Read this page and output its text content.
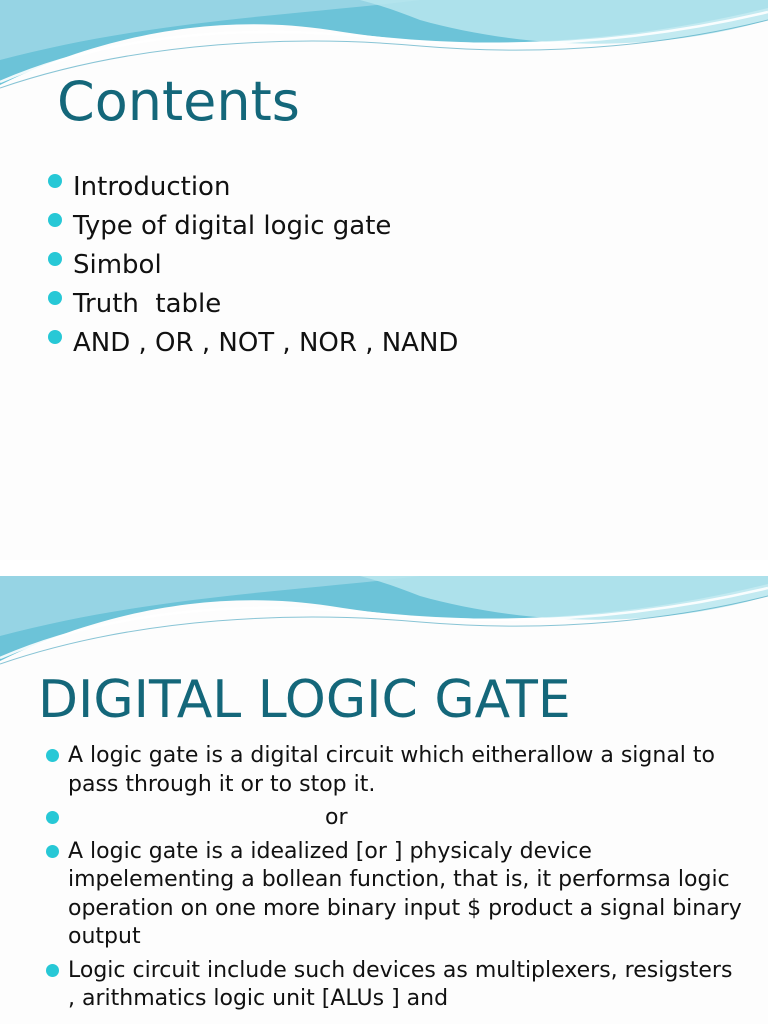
Contents
Introduction
Type of digital logic gate
Simbol
Truth  table
AND , OR , NOT , NOR , NAND
DIGITAL LOGIC GATE
A logic gate is a digital circuit which eitherallow a signal to pass through it or to stop it.
or
A logic gate is a idealized [or ] physicaly device impelementing a bollean function, that is, it performsa logic operation on one more binary input $ product a signal binary output
Logic circuit include such devices as multiplexers, resigsters , arithmatics logic unit [ALUs ] and
